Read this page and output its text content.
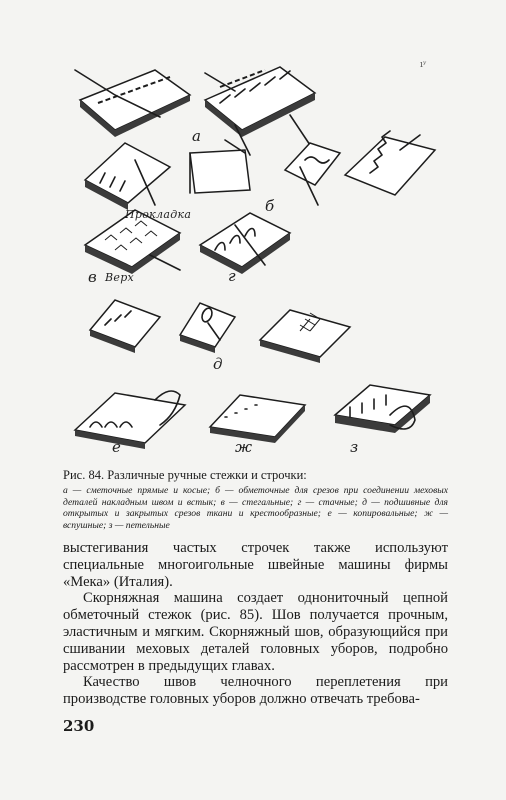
ıʸ
а
Прокладка	б
в Верх	г
д
е	ж	з

Рис. 84. Различные ручные стежки и строчки:

а — сметочные прямые и косые; б — обметочные для срезов при соединении меховых деталей накладным швом и встык; в — стегальные; г — стачные; д — подшивные для открытых и закрытых срезов ткани и крестообразные; е — копировальные; ж — вспушные; з — петельные

выстегивания частых строчек также используют специальные многоигольные швейные машины фирмы «Мека» (Италия).

Скорняжная машина создает однониточный цепной обметочный стежок (рис. 85). Шов получается прочным, эластичным и мягким. Скорняжный шов, образующийся при сшивании меховых деталей головных уборов, подробно рассмотрен в предыдущих главах.

Качество швов челночного переплетения при производстве головных уборов должно отвечать требова-

230
